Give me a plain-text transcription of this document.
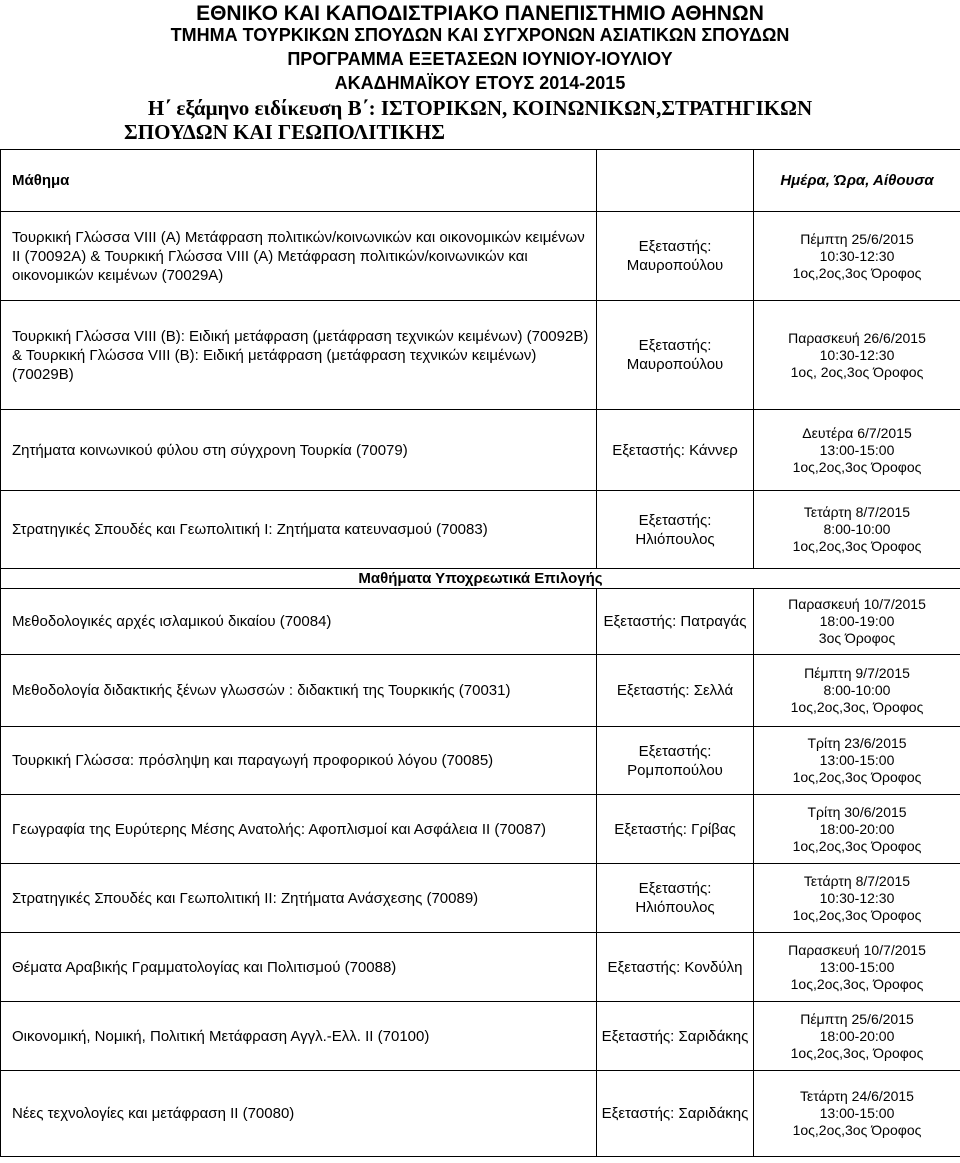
ΕΘΝΙΚΟ ΚΑΙ ΚΑΠΟΔΙΣΤΡΙΑΚΟ ΠΑΝΕΠΙΣΤΗΜΙΟ ΑΘΗΝΩΝ
ΤΜΗΜΑ ΤΟΥΡΚΙΚΩΝ ΣΠΟΥΔΩΝ ΚΑΙ ΣΥΓΧΡΟΝΩΝ ΑΣΙΑΤΙΚΩΝ ΣΠΟΥΔΩΝ
ΠΡΟΓΡΑΜΜΑ ΕΞΕΤΑΣΕΩΝ ΙΟΥΝΙΟΥ-ΙΟΥΛΙΟΥ
ΑΚΑΔΗΜΑΪΚΟΥ ΕΤΟΥΣ 2014-2015
Η΄ εξάμηνο ειδίκευση Β΄: ΙΣΤΟΡΙΚΩΝ, ΚΟΙΝΩΝΙΚΩΝ,ΣΤΡΑΤΗΓΙΚΩΝ
ΣΠΟΥΔΩΝ ΚΑΙ ΓΕΩΠΟΛΙΤΙΚΗΣ
Μάθημα		Ημέρα, Ώρα, Αίθουσα
Τουρκική Γλώσσα VIII (Α) Μετάφραση πολιτικών/κοινωνικών και οικονομικών κειμένων II (70092Α) & Τουρκική Γλώσσα VIII (Α) Μετάφραση πολιτικών/κοινωνικών και οικονομικών κειμένων (70029Α)	Εξεταστής: Μαυροπούλου	Πέμπτη 25/6/2015
10:30-12:30
1ος,2ος,3ος Όροφος

Τουρκική Γλώσσα VIII (Β): Ειδική μετάφραση (μετάφραση τεχνικών κειμένων) (70092Β) & Τουρκική Γλώσσα VIII (Β): Ειδική μετάφραση (μετάφραση τεχνικών κειμένων) (70029Β)	Εξεταστής: Μαυροπούλου	Παρασκευή 26/6/2015
10:30-12:30
1ος, 2ος,3ος Όροφος

Ζητήματα κοινωνικού φύλου στη σύγχρονη Τουρκία (70079)	Εξεταστής: Κάννερ	Δευτέρα 6/7/2015
13:00-15:00
1ος,2ος,3ος Όροφος

Στρατηγικές Σπουδές και Γεωπολιτική Ι: Ζητήματα κατευνασμού (70083)	Εξεταστής: Ηλιόπουλος	Τετάρτη 8/7/2015
8:00-10:00
1ος,2ος,3ος Όροφος

Μαθήματα Υποχρεωτικά Επιλογής		
Μεθοδολογικές αρχές ισλαμικού δικαίου (70084)	Εξεταστής: Πατραγάς	Παρασκευή 10/7/2015
18:00-19:00
3ος Όροφος

Μεθοδολογία διδακτικής ξένων γλωσσών : διδακτική της Τουρκικής (70031)	Εξεταστής: Σελλά	Πέμπτη 9/7/2015
8:00-10:00
1ος,2ος,3ος, Όροφος

Τουρκική Γλώσσα: πρόσληψη και παραγωγή προφορικού λόγου (70085)	Εξεταστής: Ρομποπούλου	Τρίτη 23/6/2015
13:00-15:00
1ος,2ος,3ος Όροφος

Γεωγραφία της Ευρύτερης Μέσης Ανατολής: Αφοπλισμοί και Ασφάλεια ΙΙ (70087)	Εξεταστής: Γρίβας	Τρίτη 30/6/2015
18:00-20:00
1ος,2ος,3ος Όροφος

Στρατηγικές Σπουδές και Γεωπολιτική ΙΙ: Ζητήματα Ανάσχεσης (70089)	Εξεταστής: Ηλιόπουλος	Τετάρτη 8/7/2015
10:30-12:30
1ος,2ος,3ος Όροφος

Θέματα Αραβικής Γραμματολογίας και Πολιτισμού (70088)	Εξεταστής: Κονδύλη	Παρασκευή 10/7/2015
13:00-15:00
1ος,2ος,3ος, Όροφος

Οικονομική, Νομική, Πολιτική Μετάφραση Αγγλ.-Ελλ. ΙΙ (70100)	Εξεταστής: Σαριδάκης	Πέμπτη 25/6/2015
18:00-20:00
1ος,2ος,3ος, Όροφος

Νέες τεχνολογίες και μετάφραση ΙΙ (70080)	Εξεταστής: Σαριδάκης	Τετάρτη 24/6/2015
13:00-15:00
1ος,2ος,3ος Όροφος
